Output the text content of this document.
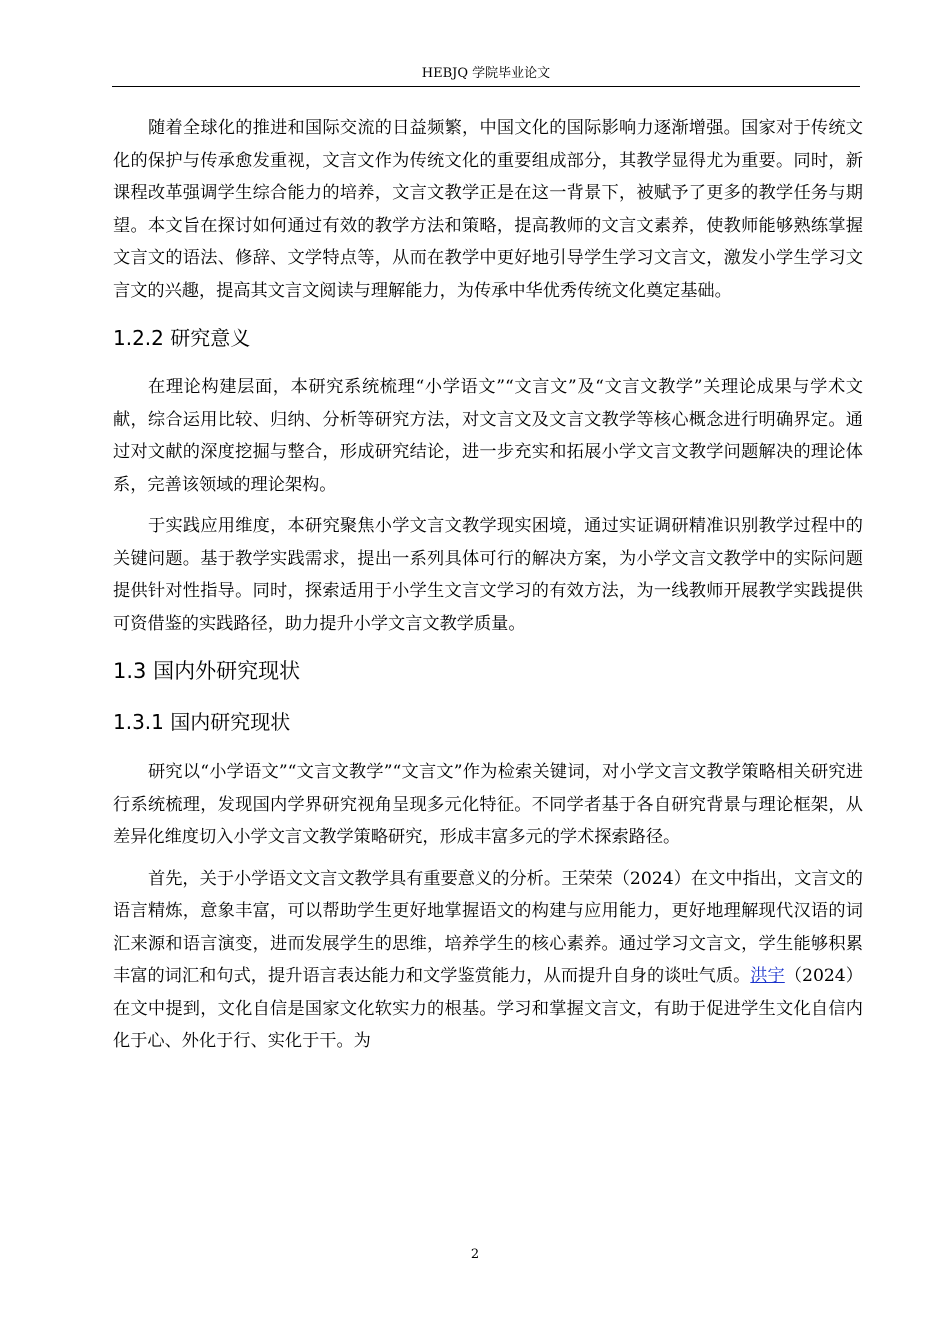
HEBJQ 学院毕业论文

随着全球化的推进和国际交流的日益频繁，中国文化的国际影响力逐渐增强。国家对于传统文化的保护与传承愈发重视，文言文作为传统文化的重要组成部分，其教学显得尤为重要。同时，新课程改革强调学生综合能力的培养，文言文教学正是在这一背景下，被赋予了更多的教学任务与期望。本文旨在探讨如何通过有效的教学方法和策略，提高教师的文言文素养，使教师能够熟练掌握文言文的语法、修辞、文学特点等，从而在教学中更好地引导学生学习文言文，激发小学生学习文言文的兴趣，提高其文言文阅读与理解能力，为传承中华优秀传统文化奠定基础。

1.2.2 研究意义

在理论构建层面，本研究系统梳理“小学语文”“文言文”及“文言文教学”关理论成果与学术文献，综合运用比较、归纳、分析等研究方法，对文言文及文言文教学等核心概念进行明确界定。通过对文献的深度挖掘与整合，形成研究结论，进一步充实和拓展小学文言文教学问题解决的理论体系，完善该领域的理论架构。

于实践应用维度，本研究聚焦小学文言文教学现实困境，通过实证调研精准识别教学过程中的关键问题。基于教学实践需求，提出一系列具体可行的解决方案，为小学文言文教学中的实际问题提供针对性指导。同时，探索适用于小学生文言文学习的有效方法，为一线教师开展教学实践提供可资借鉴的实践路径，助力提升小学文言文教学质量。

1.3 国内外研究现状
1.3.1 国内研究现状

研究以“小学语文”“文言文教学”“文言文”作为检索关键词，对小学文言文教学策略相关研究进行系统梳理，发现国内学界研究视角呈现多元化特征。不同学者基于各自研究背景与理论框架，从差异化维度切入小学文言文教学策略研究，形成丰富多元的学术探索路径。

首先，关于小学语文文言文教学具有重要意义的分析。王荣荣（2024）在文中指出，文言文的语言精炼，意象丰富，可以帮助学生更好地掌握语文的构建与应用能力，更好地理解现代汉语的词汇来源和语言演变，进而发展学生的思维，培养学生的核心素养。通过学习文言文，学生能够积累丰富的词汇和句式，提升语言表达能力和文学鉴赏能力，从而提升自身的谈吐气质。洪宇（2024）在文中提到，文化自信是国家文化软实力的根基。学习和掌握文言文，有助于促进学生文化自信内化于心、外化于行、实化于干。为

2
